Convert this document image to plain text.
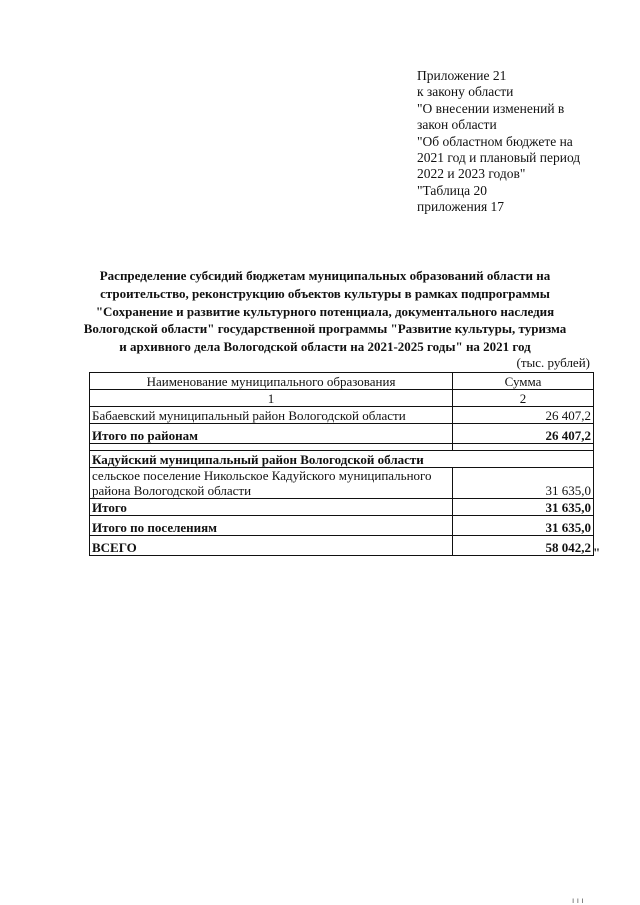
Приложение 21
к закону области
"О внесении изменений в
закон области
"Об областном бюджете на
2021 год и плановый период
2022 и 2023 годов"
"Таблица 20
приложения 17
Распределение субсидий бюджетам муниципальных образований области на
строительство, реконструкцию объектов культуры в рамках подпрограммы
"Сохранение и развитие культурного потенциала, документального наследия
Вологодской области" государственной программы "Развитие культуры, туризма
и архивного дела Вологодской области на 2021-2025 годы" на 2021 год
(тыс. рублей)
Наименование муниципального образования	Сумма
1	2
Бабаевский муниципальный район Вологодской области	26 407,2
Итого по районам	26 407,2

Кадуйский муниципальный район Вологодской области	
сельское поселение Никольское Кадуйского муниципального района Вологодской области	31 635,0
Итого	31 635,0
Итого по поселениям	31 635,0
ВСЕГО	58 042,2 "
ı ı ı
